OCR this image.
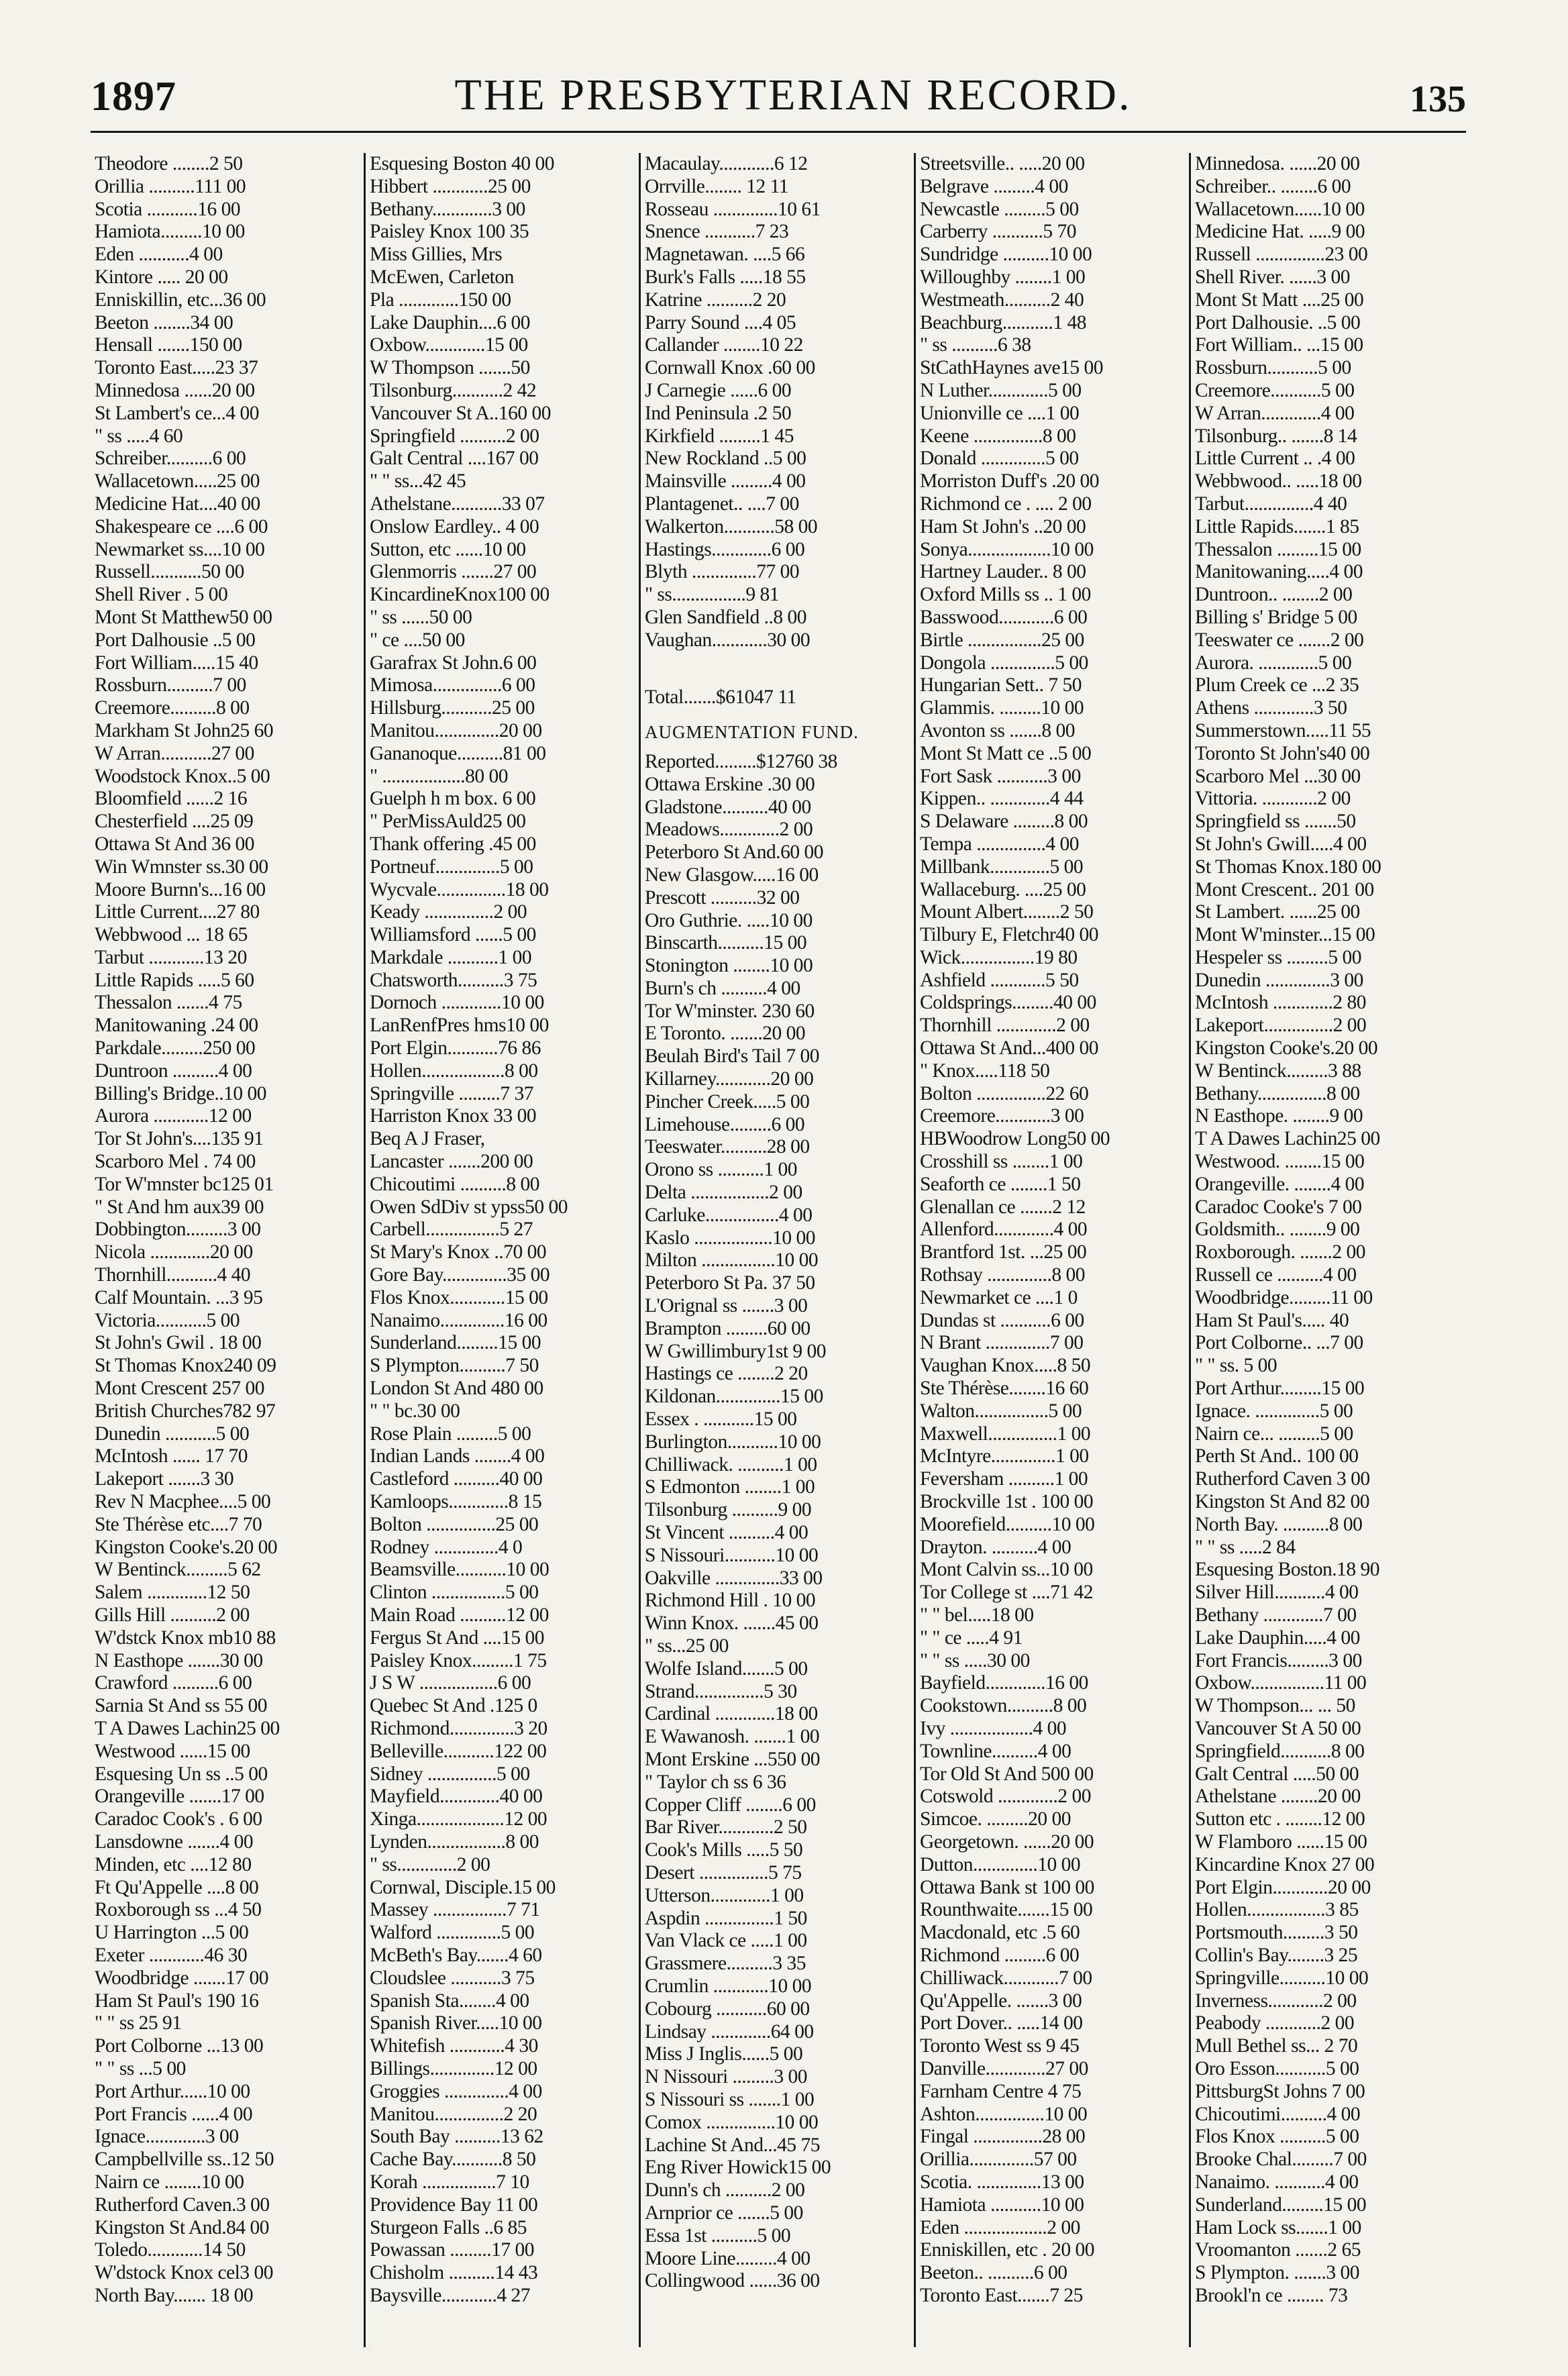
1897	THE PRESBYTERIAN RECORD.	135
Theodore ........2 50
Orillia ..........111 00
Scotia ...........16 00
Hamiota.........10 00
Eden ...........4 00
Kintore ..... 20 00
Enniskillin, etc...36 00
Beeton ........34 00
Hensall .......150 00
Toronto East.....23 37
Minnedosa ......20 00
St Lambert's ce...4 00
" ss .....4 60
Schreiber..........6 00
Wallacetown.....25 00
Medicine Hat....40 00
Shakespeare ce ....6 00
Newmarket ss....10 00
Russell...........50 00
Shell River . 5 00
Mont St Matthew50 00
Port Dalhousie ..5 00
Fort William.....15 40
Rossburn..........7 00
Creemore..........8 00
Markham St John25 60
W Arran...........27 00
Woodstock Knox..5 00
Bloomfield ......2 16
Chesterfield ....25 09
Ottawa St And 36 00
Win Wmnster ss.30 00
Moore Burnn's...16 00
Little Current....27 80
Webbwood ... 18 65
Tarbut ............13 20
Little Rapids .....5 60
Thessalon .......4 75
Manitowaning .24 00
Parkdale.........250 00
Duntroon ..........4 00
Billing's Bridge..10 00
Aurora ............12 00
Tor St John's....135 91
Scarboro Mel . 74 00
Tor W'mnster bc125 01
" St And hm aux39 00
Dobbington.........3 00
Nicola .............20 00
Thornhill...........4 40
Calf Mountain. ...3 95
Victoria...........5 00
St John's Gwil . 18 00
St Thomas Knox240 09
Mont Crescent 257 00
British Churches782 97
Dunedin ...........5 00
McIntosh ...... 17 70
Lakeport .......3 30
Rev N Macphee....5 00
Ste Thérèse etc....7 70
Kingston Cooke's.20 00
W Bentinck.........5 62
Salem .............12 50
Gills Hill ..........2 00
W'dstck Knox mb10 88
N Easthope .......30 00
Crawford ..........6 00
Sarnia St And ss 55 00
T A Dawes Lachin25 00
Westwood ......15 00
Esquesing Un ss ..5 00
Orangeville .......17 00
Caradoc Cook's . 6 00
Lansdowne .......4 00
Minden, etc ....12 80
Ft Qu'Appelle ....8 00
Roxborough ss ...4 50
U Harrington ...5 00
Exeter ............46 30
Woodbridge .......17 00
Ham St Paul's 190 16
" " ss 25 91
Port Colborne ...13 00
" " ss ...5 00
Port Arthur......10 00
Port Francis ......4 00
Ignace.............3 00
Campbellville ss..12 50
Nairn ce ........10 00
Rutherford Caven.3 00
Kingston St And.84 00
Toledo............14 50
W'dstock Knox cel3 00
North Bay....... 18 00
Esquesing Boston 40 00
Hibbert ............25 00
Bethany.............3 00
Paisley Knox 100 35
Miss Gillies, Mrs
McEwen, Carleton
Pla .............150 00
Lake Dauphin....6 00
Oxbow.............15 00
W Thompson .......50
Tilsonburg...........2 42
Vancouver St A..160 00
Springfield ..........2 00
Galt Central ....167 00
" " ss...42 45
Athelstane...........33 07
Onslow Eardley.. 4 00
Sutton, etc ......10 00
Glenmorris .......27 00
KincardineKnox100 00
" ss ......50 00
" ce ....50 00
Garafrax St John.6 00
Mimosa...............6 00
Hillsburg...........25 00
Manitou..............20 00
Gananoque..........81 00
" ..................80 00
Guelph h m box. 6 00
" PerMissAuld25 00
Thank offering .45 00
Portneuf..............5 00
Wycvale...............18 00
Keady ...............2 00
Williamsford ......5 00
Markdale ...........1 00
Chatsworth..........3 75
Dornoch .............10 00
LanRenfPres hms10 00
Port Elgin...........76 86
Hollen..................8 00
Springville .........7 37
Harriston Knox 33 00
Beq A J Fraser,
Lancaster .......200 00
Chicoutimi ..........8 00
Owen SdDiv st ypss50 00
Carbell................5 27
St Mary's Knox ..70 00
Gore Bay..............35 00
Flos Knox............15 00
Nanaimo..............16 00
Sunderland.........15 00
S Plympton..........7 50
London St And 480 00
" " bc.30 00
Rose Plain .........5 00
Indian Lands ........4 00
Castleford ..........40 00
Kamloops.............8 15
Bolton ...............25 00
Rodney ..............4 0
Beamsville...........10 00
Clinton ................5 00
Main Road ..........12 00
Fergus St And ....15 00
Paisley Knox.........1 75
J S W .................6 00
Quebec St And .125 0
Richmond..............3 20
Belleville...........122 00
Sidney ...............5 00
Mayfield.............40 00
Xinga...................12 00
Lynden.................8 00
" ss.............2 00
Cornwal, Disciple.15 00
Massey ................7 71
Walford ..............5 00
McBeth's Bay.......4 60
Cloudslee ...........3 75
Spanish Sta........4 00
Spanish River.....10 00
Whitefish ............4 30
Billings..............12 00
Groggies ..............4 00
Manitou...............2 20
South Bay ..........13 62
Cache Bay...........8 50
Korah ................7 10
Providence Bay 11 00
Sturgeon Falls ..6 85
Powassan .........17 00
Chisholm ..........14 43
Baysville............4 27
Macaulay............6 12
Orrville........ 12 11
Rosseau ..............10 61
Snence ...........7 23
Magnetawan. ....5 66
Burk's Falls .....18 55
Katrine ..........2 20
Parry Sound ....4 05
Callander ........10 22
Cornwall Knox .60 00
J Carnegie ......6 00
Ind Peninsula .2 50
Kirkfield .........1 45
New Rockland ..5 00
Mainsville .........4 00
Plantagenet.. ....7 00
Walkerton...........58 00
Hastings.............6 00
Blyth ..............77 00
" ss................9 81
Glen Sandfield ..8 00
Vaughan............30 00
Total.......$61047 11
AUGMENTATION FUND.
Reported.........$12760 38
Ottawa Erskine .30 00
Gladstone..........40 00
Meadows.............2 00
Peterboro St And.60 00
New Glasgow.....16 00
Prescott ..........32 00
Oro Guthrie. .....10 00
Binscarth..........15 00
Stonington ........10 00
Burn's ch ..........4 00
Tor W'minster. 230 60
E Toronto. .......20 00
Beulah Bird's Tail 7 00
Killarney............20 00
Pincher Creek.....5 00
Limehouse.........6 00
Teeswater..........28 00
Orono ss ..........1 00
Delta .................2 00
Carluke................4 00
Kaslo .................10 00
Milton ................10 00
Peterboro St Pa. 37 50
L'Orignal ss .......3 00
Brampton .........60 00
W Gwillimbury1st 9 00
Hastings ce ........2 20
Kildonan..............15 00
Essex . ...........15 00
Burlington...........10 00
Chilliwack. ..........1 00
S Edmonton ........1 00
Tilsonburg ..........9 00
St Vincent ..........4 00
S Nissouri...........10 00
Oakville ..............33 00
Richmond Hill . 10 00
Winn Knox. .......45 00
" ss...25 00
Wolfe Island.......5 00
Strand...............5 30
Cardinal .............18 00
E Wawanosh. .......1 00
Mont Erskine ...550 00
" Taylor ch ss 6 36
Copper Cliff ........6 00
Bar River............2 50
Cook's Mills .....5 50
Desert ...............5 75
Utterson.............1 00
Aspdin ...............1 50
Van Vlack ce .....1 00
Grassmere..........3 35
Crumlin ............10 00
Cobourg ...........60 00
Lindsay .............64 00
Miss J Inglis......5 00
N Nissouri .........3 00
S Nissouri ss .......1 00
Comox ...............10 00
Lachine St And...45 75
Eng River Howick15 00
Dunn's ch ..........2 00
Arnprior ce .......5 00
Essa 1st ..........5 00
Moore Line.........4 00
Collingwood ......36 00
Streetsville.. .....20 00
Belgrave .........4 00
Newcastle .........5 00
Carberry ...........5 70
Sundridge ..........10 00
Willoughby ........1 00
Westmeath..........2 40
Beachburg...........1 48
" ss ..........6 38
StCathHaynes ave15 00
N Luther.............5 00
Unionville ce ....1 00
Keene ...............8 00
Donald ..............5 00
Morriston Duff's .20 00
Richmond ce . .... 2 00
Ham St John's ..20 00
Sonya..................10 00
Hartney Lauder.. 8 00
Oxford Mills ss .. 1 00
Basswood............6 00
Birtle ................25 00
Dongola ..............5 00
Hungarian Sett.. 7 50
Glammis. .........10 00
Avonton ss .......8 00
Mont St Matt ce ..5 00
Fort Sask ...........3 00
Kippen.. .............4 44
S Delaware .........8 00
Tempa ...............4 00
Millbank.............5 00
Wallaceburg. ....25 00
Mount Albert........2 50
Tilbury E, Fletchr40 00
Wick................19 80
Ashfield ............5 50
Coldsprings.........40 00
Thornhill .............2 00
Ottawa St And...400 00
" Knox.....118 50
Bolton ...............22 60
Creemore............3 00
HBWoodrow Long50 00
Crosshill ss ........1 00
Seaforth ce ........1 50
Glenallan ce .......2 12
Allenford.............4 00
Brantford 1st. ...25 00
Rothsay ..............8 00
Newmarket ce ....1 0
Dundas st ...........6 00
N Brant ..............7 00
Vaughan Knox.....8 50
Ste Thérèse........16 60
Walton................5 00
Maxwell...............1 00
McIntyre..............1 00
Feversham ..........1 00
Brockville 1st . 100 00
Moorefield..........10 00
Drayton. ..........4 00
Mont Calvin ss...10 00
Tor College st ....71 42
" " bel.....18 00
" " ce .....4 91
" " ss .....30 00
Bayfield.............16 00
Cookstown..........8 00
Ivy ..................4 00
Townline..........4 00
Tor Old St And 500 00
Cotswold .............2 00
Simcoe. .........20 00
Georgetown. ......20 00
Dutton..............10 00
Ottawa Bank st 100 00
Rounthwaite.......15 00
Macdonald, etc .5 60
Richmond .........6 00
Chilliwack............7 00
Qu'Appelle. .......3 00
Port Dover.. .....14 00
Toronto West ss 9 45
Danville.............27 00
Farnham Centre 4 75
Ashton...............10 00
Fingal ...............28 00
Orillia..............57 00
Scotia. ..............13 00
Hamiota ...........10 00
Eden ..................2 00
Enniskillen, etc . 20 00
Beeton.. ..........6 00
Toronto East.......7 25
Minnedosa. ......20 00
Schreiber.. ........6 00
Wallacetown......10 00
Medicine Hat. .....9 00
Russell ...............23 00
Shell River. ......3 00
Mont St Matt ....25 00
Port Dalhousie. ..5 00
Fort William.. ...15 00
Rossburn...........5 00
Creemore...........5 00
W Arran.............4 00
Tilsonburg.. .......8 14
Little Current .. .4 00
Webbwood.. .....18 00
Tarbut...............4 40
Little Rapids.......1 85
Thessalon .........15 00
Manitowaning.....4 00
Duntroon.. ........2 00
Billing s' Bridge 5 00
Teeswater ce .......2 00
Aurora. .............5 00
Plum Creek ce ...2 35
Athens .............3 50
Summerstown.....11 55
Toronto St John's40 00
Scarboro Mel ...30 00
Vittoria. ............2 00
Springfield ss .......50
St John's Gwill.....4 00
St Thomas Knox.180 00
Mont Crescent.. 201 00
St Lambert. ......25 00
Mont W'minster...15 00
Hespeler ss .........5 00
Dunedin ..............3 00
McIntosh .............2 80
Lakeport...............2 00
Kingston Cooke's.20 00
W Bentinck.........3 88
Bethany...............8 00
N Easthope. ........9 00
T A Dawes Lachin25 00
Westwood. ........15 00
Orangeville. ........4 00
Caradoc Cooke's 7 00
Goldsmith.. ........9 00
Roxborough. .......2 00
Russell ce ..........4 00
Woodbridge.........11 00
Ham St Paul's..... 40
Port Colborne.. ...7 00
" " ss. 5 00
Port Arthur.........15 00
Ignace. ..............5 00
Nairn ce... .........5 00
Perth St And.. 100 00
Rutherford Caven 3 00
Kingston St And 82 00
North Bay. ..........8 00
" " ss .....2 84
Esquesing Boston.18 90
Silver Hill...........4 00
Bethany .............7 00
Lake Dauphin.....4 00
Fort Francis.........3 00
Oxbow................11 00
W Thompson... ... 50
Vancouver St A 50 00
Springfield...........8 00
Galt Central .....50 00
Athelstane ........20 00
Sutton etc . ........12 00
W Flamboro ......15 00
Kincardine Knox 27 00
Port Elgin............20 00
Hollen.................3 85
Portsmouth.........3 50
Collin's Bay........3 25
Springville..........10 00
Inverness............2 00
Peabody ............2 00
Mull Bethel ss... 2 70
Oro Esson...........5 00
PittsburgSt Johns 7 00
Chicoutimi..........4 00
Flos Knox ..........5 00
Brooke Chal.........7 00
Nanaimo. ...........4 00
Sunderland.........15 00
Ham Lock ss.......1 00
Vroomanton .......2 65
S Plympton. .......3 00
Brookl'n ce ........ 73
